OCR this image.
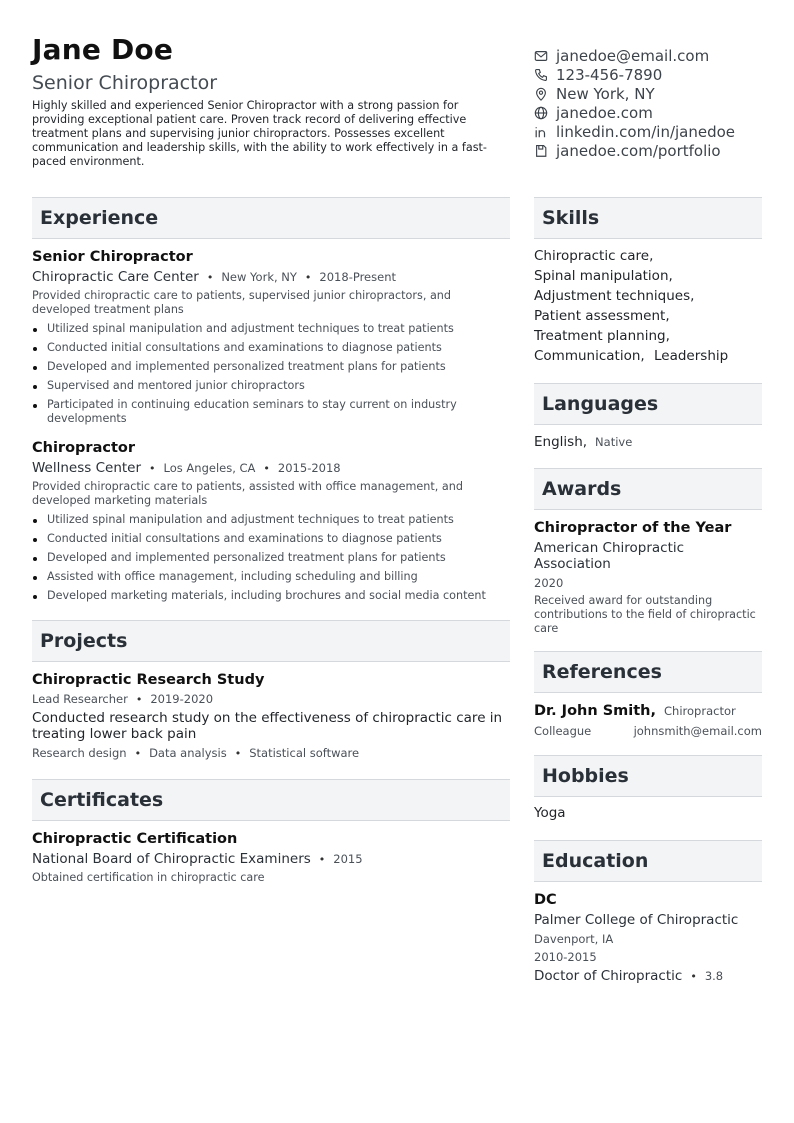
Jane Doe
Senior Chiropractor
Highly skilled and experienced Senior Chiropractor with a strong passion for providing exceptional patient care. Proven track record of delivering effective treatment plans and supervising junior chiropractors. Possesses excellent communication and leadership skills, with the ability to work effectively in a fast-paced environment.
janedoe@email.com
123-456-7890
New York, NY
janedoe.com
linkedin.com/in/janedoe
janedoe.com/portfolio
Experience
Senior Chiropractor
Chiropractic Care Center • New York, NY • 2018-Present
Provided chiropractic care to patients, supervised junior chiropractors, and developed treatment plans
Utilized spinal manipulation and adjustment techniques to treat patients
Conducted initial consultations and examinations to diagnose patients
Developed and implemented personalized treatment plans for patients
Supervised and mentored junior chiropractors
Participated in continuing education seminars to stay current on industry developments
Chiropractor
Wellness Center • Los Angeles, CA • 2015-2018
Provided chiropractic care to patients, assisted with office management, and developed marketing materials
Utilized spinal manipulation and adjustment techniques to treat patients
Conducted initial consultations and examinations to diagnose patients
Developed and implemented personalized treatment plans for patients
Assisted with office management, including scheduling and billing
Developed marketing materials, including brochures and social media content
Projects
Chiropractic Research Study
Lead Researcher • 2019-2020
Conducted research study on the effectiveness of chiropractic care in treating lower back pain
Research design • Data analysis • Statistical software
Certificates
Chiropractic Certification
National Board of Chiropractic Examiners • 2015
Obtained certification in chiropractic care
Skills
Chiropractic care,
Spinal manipulation,
Adjustment techniques,
Patient assessment,
Treatment planning,
Communication, Leadership
Languages
English, Native
Awards
Chiropractor of the Year
American Chiropractic Association
2020
Received award for outstanding contributions to the field of chiropractic care
References
Dr. John Smith, Chiropractor
Colleague	johnsmith@email.com
Hobbies
Yoga
Education
DC
Palmer College of Chiropractic
Davenport, IA
2010-2015
Doctor of Chiropractic • 3.8
